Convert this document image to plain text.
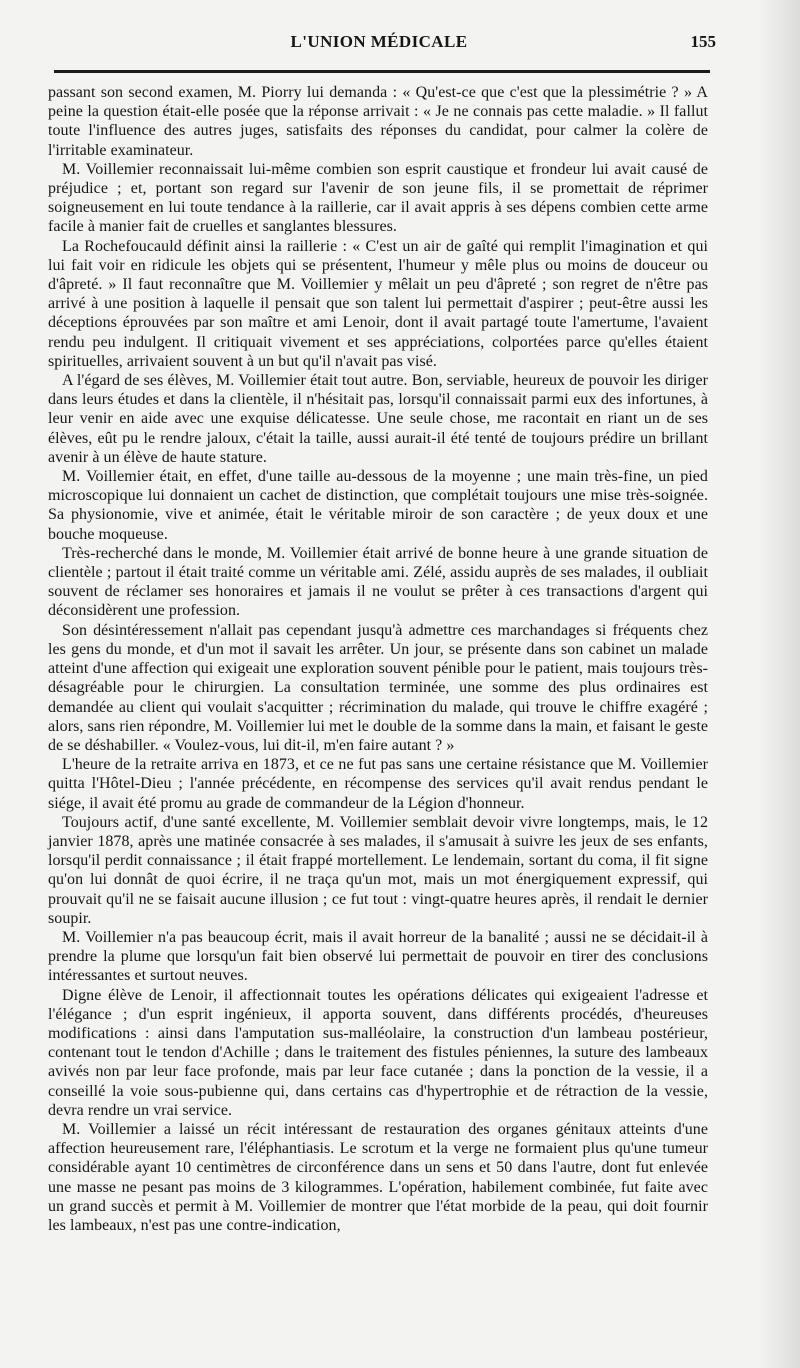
L'UNION MÉDICALE	155

passant son second examen, M. Piorry lui demanda : « Qu'est-ce que c'est que la plessimétrie ? » A peine la question était-elle posée que la réponse arrivait : « Je ne connais pas cette maladie. » Il fallut toute l'influence des autres juges, satisfaits des réponses du candidat, pour calmer la colère de l'irritable examinateur.

M. Voillemier reconnaissait lui-même combien son esprit caustique et frondeur lui avait causé de préjudice ; et, portant son regard sur l'avenir de son jeune fils, il se promettait de réprimer soigneusement en lui toute tendance à la raillerie, car il avait appris à ses dépens combien cette arme facile à manier fait de cruelles et sanglantes blessures.

La Rochefoucauld définit ainsi la raillerie : « C'est un air de gaîté qui remplit l'imagination et qui lui fait voir en ridicule les objets qui se présentent, l'humeur y mêle plus ou moins de douceur ou d'âpreté. » Il faut reconnaître que M. Voillemier y mêlait un peu d'âpreté ; son regret de n'être pas arrivé à une position à laquelle il pensait que son talent lui permettait d'aspirer ; peut-être aussi les déceptions éprouvées par son maître et ami Lenoir, dont il avait partagé toute l'amertume, l'avaient rendu peu indulgent. Il critiquait vivement et ses appréciations, colportées parce qu'elles étaient spirituelles, arrivaient souvent à un but qu'il n'avait pas visé.

A l'égard de ses élèves, M. Voillemier était tout autre. Bon, serviable, heureux de pouvoir les diriger dans leurs études et dans la clientèle, il n'hésitait pas, lorsqu'il connaissait parmi eux des infortunes, à leur venir en aide avec une exquise délicatesse. Une seule chose, me racontait en riant un de ses élèves, eût pu le rendre jaloux, c'était la taille, aussi aurait-il été tenté de toujours prédire un brillant avenir à un élève de haute stature.

M. Voillemier était, en effet, d'une taille au-dessous de la moyenne ; une main très-fine, un pied microscopique lui donnaient un cachet de distinction, que complétait toujours une mise très-soignée. Sa physionomie, vive et animée, était le véritable miroir de son caractère ; de yeux doux et une bouche moqueuse.

Très-recherché dans le monde, M. Voillemier était arrivé de bonne heure à une grande situation de clientèle ; partout il était traité comme un véritable ami. Zélé, assidu auprès de ses malades, il oubliait souvent de réclamer ses honoraires et jamais il ne voulut se prêter à ces transactions d'argent qui déconsidèrent une profession.

Son désintéressement n'allait pas cependant jusqu'à admettre ces marchandages si fréquents chez les gens du monde, et d'un mot il savait les arrêter. Un jour, se présente dans son cabinet un malade atteint d'une affection qui exigeait une exploration souvent pénible pour le patient, mais toujours très-désagréable pour le chirurgien. La consultation terminée, une somme des plus ordinaires est demandée au client qui voulait s'acquitter ; récrimination du malade, qui trouve le chiffre exagéré ; alors, sans rien répondre, M. Voillemier lui met le double de la somme dans la main, et faisant le geste de se déshabiller. « Voulez-vous, lui dit-il, m'en faire autant ? »

L'heure de la retraite arriva en 1873, et ce ne fut pas sans une certaine résistance que M. Voillemier quitta l'Hôtel-Dieu ; l'année précédente, en récompense des services qu'il avait rendus pendant le siége, il avait été promu au grade de commandeur de la Légion d'honneur.

Toujours actif, d'une santé excellente, M. Voillemier semblait devoir vivre longtemps, mais, le 12 janvier 1878, après une matinée consacrée à ses malades, il s'amusait à suivre les jeux de ses enfants, lorsqu'il perdit connaissance ; il était frappé mortellement. Le lendemain, sortant du coma, il fit signe qu'on lui donnât de quoi écrire, il ne traça qu'un mot, mais un mot énergiquement expressif, qui prouvait qu'il ne se faisait aucune illusion ; ce fut tout : vingt-quatre heures après, il rendait le dernier soupir.

M. Voillemier n'a pas beaucoup écrit, mais il avait horreur de la banalité ; aussi ne se décidait-il à prendre la plume que lorsqu'un fait bien observé lui permettait de pouvoir en tirer des conclusions intéressantes et surtout neuves.

Digne élève de Lenoir, il affectionnait toutes les opérations délicates qui exigeaient l'adresse et l'élégance ; d'un esprit ingénieux, il apporta souvent, dans différents procédés, d'heureuses modifications : ainsi dans l'amputation sus-malléolaire, la construction d'un lambeau postérieur, contenant tout le tendon d'Achille ; dans le traitement des fistules péniennes, la suture des lambeaux avivés non par leur face profonde, mais par leur face cutanée ; dans la ponction de la vessie, il a conseillé la voie sous-pubienne qui, dans certains cas d'hypertrophie et de rétraction de la vessie, devra rendre un vrai service.

M. Voillemier a laissé un récit intéressant de restauration des organes génitaux atteints d'une affection heureusement rare, l'éléphantiasis. Le scrotum et la verge ne formaient plus qu'une tumeur considérable ayant 10 centimètres de circonférence dans un sens et 50 dans l'autre, dont fut enlevée une masse ne pesant pas moins de 3 kilogrammes. L'opération, habilement combinée, fut faite avec un grand succès et permit à M. Voillemier de montrer que l'état morbide de la peau, qui doit fournir les lambeaux, n'est pas une contre-indication,
